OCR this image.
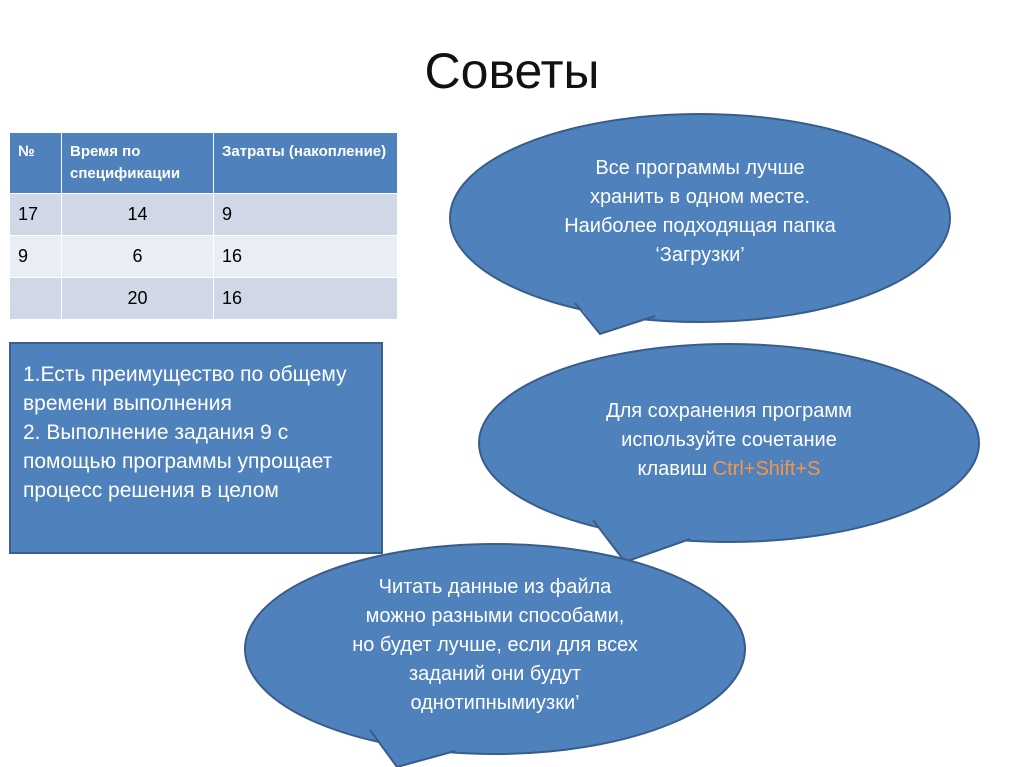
Советы
№	Время по спецификации	Затраты (накопление)
17	14	9
9	6	16
	20	16
1.Есть преимущество по общему времени выполнения
2. Выполнение задания 9 с помощью программы упрощает процесс решения в целом
Все программы лучше
хранить в одном месте.
Наиболее подходящая папка
‘Загрузки’
Для сохранения программ
используйте сочетание
клавиш Ctrl+Shift+S
Читать данные из файла
можно разными способами,
но будет лучше, если для всех
заданий они будут
однотипнымиузки’
